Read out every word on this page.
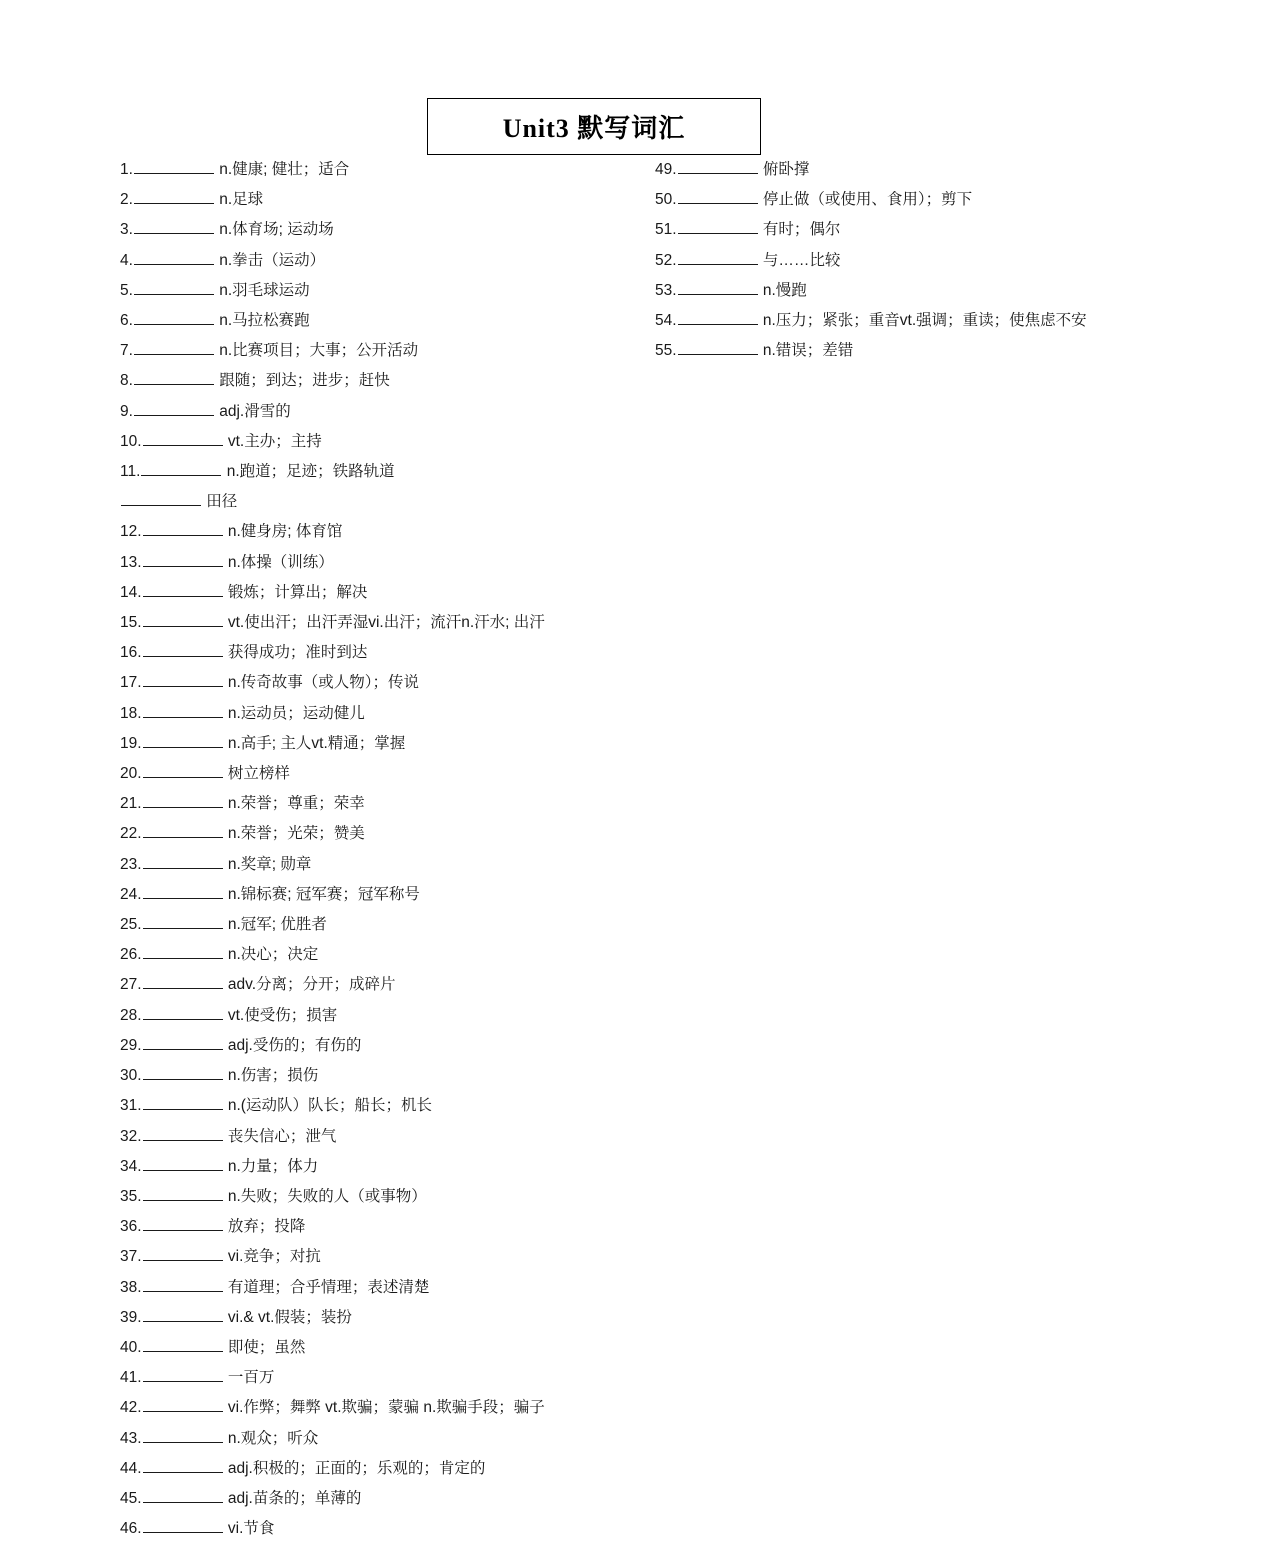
Unit3 默写词汇
1.	n.健康; 健壮；适合
2.	n.足球
3.	n.体育场; 运动场
4.	n.拳击（运动）
5.	n.羽毛球运动
6.	n.马拉松赛跑
7.	n.比赛项目；大事；公开活动
8.	跟随；到达；进步；赶快
9.	adj.滑雪的
10.	vt.主办；主持
11.	n.跑道；足迹；铁路轨道
田径
12.	n.健身房; 体育馆
13.	n.体操（训练）
14.	锻炼；计算出；解决
15.	vt.使出汗；出汗弄湿vi.出汗；流汗n.汗水; 出汗
16.	获得成功；准时到达
17.	n.传奇故事（或人物）；传说
18.	n.运动员；运动健儿
19.	n.高手; 主人vt.精通；掌握
20.	树立榜样
21.	n.荣誉；尊重；荣幸
22.	n.荣誉；光荣；赞美
23.	n.奖章; 勋章
24.	n.锦标赛; 冠军赛；冠军称号
25.	n.冠军; 优胜者
26.	n.决心；决定
27.	adv.分离；分开；成碎片
28.	vt.使受伤；损害
29.	adj.受伤的；有伤的
30.	n.伤害；损伤
31.	n.(运动队）队长；船长；机长
32.	丧失信心；泄气
34.	n.力量；体力
35.	n.失败；失败的人（或事物）
36.	放弃；投降
37.	vi.竞争；对抗
38.	有道理；合乎情理；表述清楚
39.	vi.& vt.假装；装扮
40.	即使；虽然
41.	一百万
42.	vi.作弊；舞弊 vt.欺骗；蒙骗 n.欺骗手段；骗子
43.	n.观众；听众
44.	adj.积极的；正面的；乐观的；肯定的
45.	adj.苗条的；单薄的
46.	vi.节食
49.	俯卧撑
50.	停止做（或使用、食用）；剪下
51.	有时；偶尔
52.	与……比较
53.	n.慢跑
54.	n.压力；紧张；重音vt.强调；重读；使焦虑不安
55.	n.错误；差错
